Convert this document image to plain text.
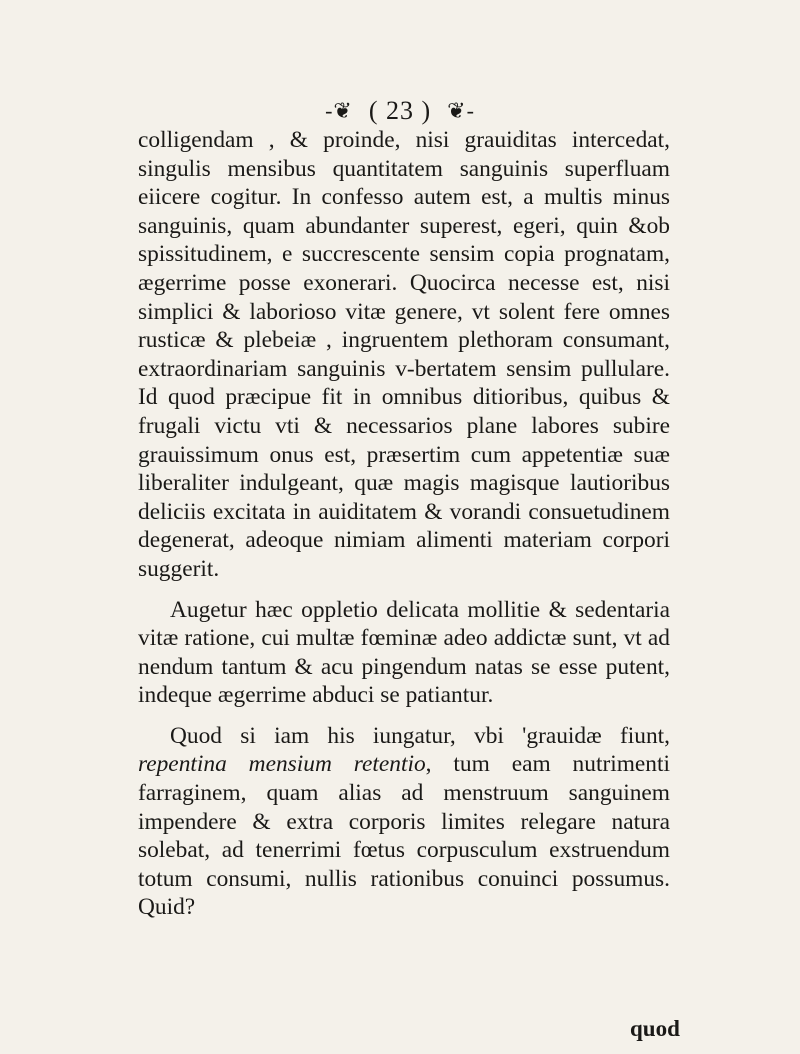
-❦ ( 23 ) ❦-

colligendam , & proinde, nisi grauiditas intercedat, singulis mensibus quantitatem sanguinis superfluam eiicere cogitur. In confesso autem est, a multis minus sanguinis, quam abundanter superest, egeri, quin &ob spissitudinem, e succrescente sensim copia prognatam, ægerrime posse exonerari. Quocirca necesse est, nisi simplici & laborioso vitæ genere, vt solent fere omnes rusticæ & plebeiæ , ingruentem plethoram consumant, extraordinariam sanguinis v-bertatem sensim pullulare. Id quod præcipue fit in omnibus ditioribus, quibus & frugali victu vti & necessarios plane labores subire grauissimum onus est, præsertim cum appetentiæ suæ liberaliter indulgeant, quæ magis magisque lautioribus deliciis excitata in auiditatem & vorandi consuetudinem degenerat, adeoque nimiam alimenti materiam corpori suggerit.

Augetur hæc oppletio delicata mollitie & sedentaria vitæ ratione, cui multæ fœminæ adeo addictæ sunt, vt ad nendum tantum & acu pingendum natas se esse putent, indeque ægerrime abduci se patiantur.

Quod si iam his iungatur, vbi 'grauidæ fiunt, repentina mensium retentio, tum eam nutrimenti farraginem, quam alias ad menstruum sanguinem impendere & extra corporis limites relegare natura solebat, ad tenerrimi fœtus corpusculum exstruendum totum consumi, nullis rationibus conuinci possumus. Quid?

quod
